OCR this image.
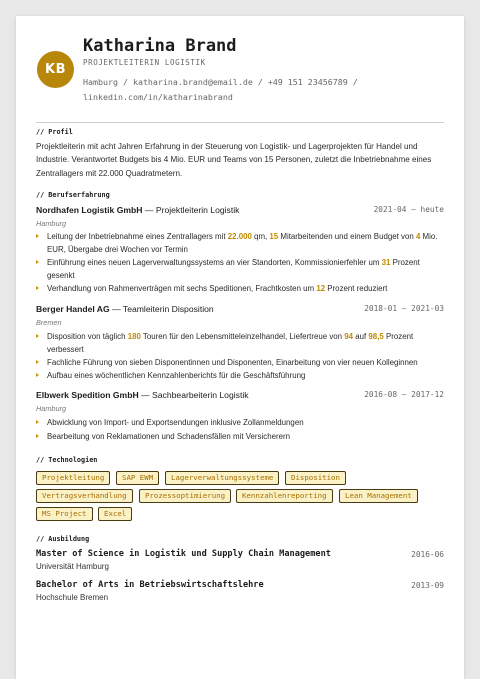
KB
Katharina Brand
PROJEKTLEITERIN LOGISTIK
Hamburg / katharina.brand@email.de / +49 151 23456789 /
linkedin.com/in/katharinabrand
// Profil
Projektleiterin mit acht Jahren Erfahrung in der Steuerung von Logistik- und Lagerprojekten für Handel und Industrie. Verantwortet Budgets bis 4 Mio. EUR und Teams von 15 Personen, zuletzt die Inbetriebnahme eines Zentrallagers mit 22.000 Quadratmetern.
// Berufserfahrung
Nordhafen Logistik GmbH — Projektleiterin Logistik	2021-04 – heute
Hamburg
Leitung der Inbetriebnahme eines Zentrallagers mit 22.000 qm, 15 Mitarbeitenden und einem Budget von 4 Mio. EUR, Übergabe drei Wochen vor Termin
Einführung eines neuen Lagerverwaltungssystems an vier Standorten, Kommissionierfehler um 31 Prozent gesenkt
Verhandlung von Rahmenverträgen mit sechs Speditionen, Frachtkosten um 12 Prozent reduziert
Berger Handel AG — Teamleiterin Disposition	2018-01 – 2021-03
Bremen
Disposition von täglich 180 Touren für den Lebensmitteleinzelhandel, Liefertreue von 94 auf 98,5 Prozent verbessert
Fachliche Führung von sieben Disponentinnen und Disponenten, Einarbeitung von vier neuen Kolleginnen
Aufbau eines wöchentlichen Kennzahlenberichts für die Geschäftsführung
Elbwerk Spedition GmbH — Sachbearbeiterin Logistik	2016-08 – 2017-12
Hamburg
Abwicklung von Import- und Exportsendungen inklusive Zollanmeldungen
Bearbeitung von Reklamationen und Schadensfällen mit Versicherern
// Technologien
Projektleitung	SAP EWM	Lagerverwaltungssysteme	Disposition
Vertragsverhandlung	Prozessoptimierung	Kennzahlenreporting	Lean Management
MS Project	Excel
// Ausbildung
Master of Science in Logistik und Supply Chain Management	2016-06
Universität Hamburg
Bachelor of Arts in Betriebswirtschaftslehre	2013-09
Hochschule Bremen
